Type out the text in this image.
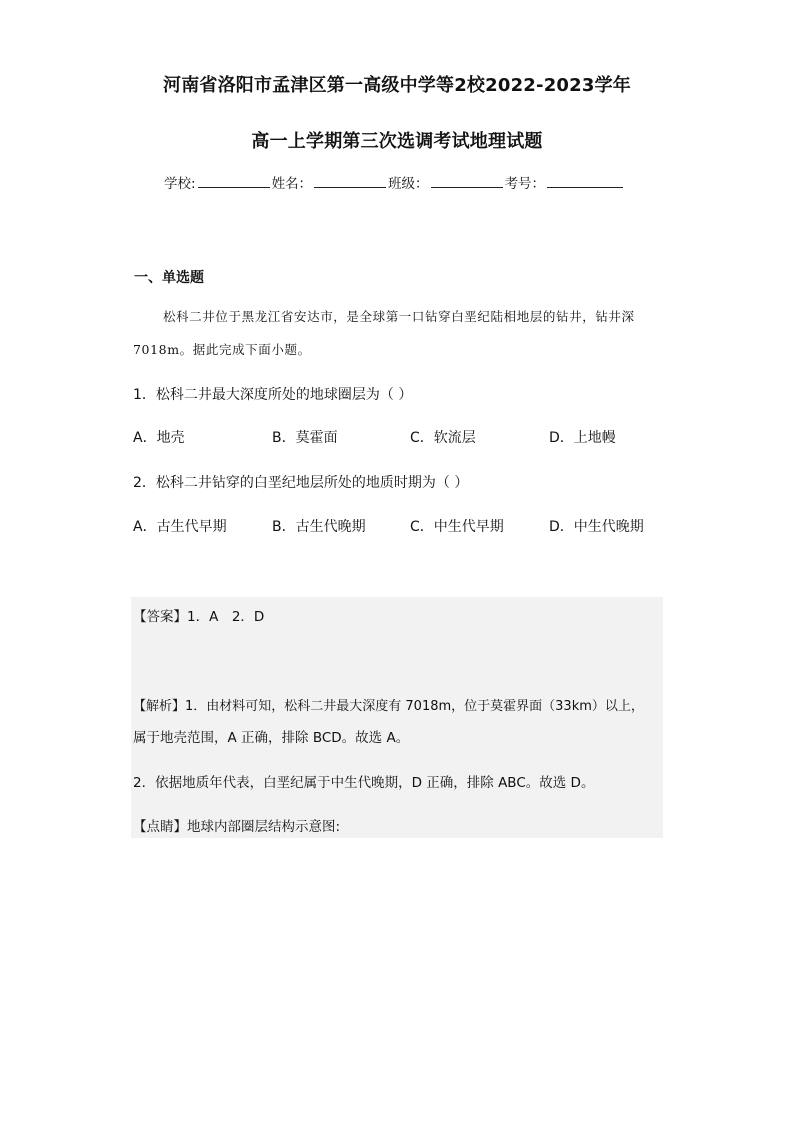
河南省洛阳市孟津区第一高级中学等2校2022-2023学年
高一上学期第三次选调考试地理试题
学校:	姓名：	班级：	考号：
一、单选题
松科二井位于黑龙江省安达市，是全球第一口钻穿白垩纪陆相地层的钻井，钻井深
7018m。据此完成下面小题。
1．松科二井最大深度所处的地球圈层为（ ）
A．地壳	B．莫霍面	C．软流层	D．上地幔
2．松科二井钻穿的白垩纪地层所处的地质时期为（ ）
A．古生代早期	B．古生代晚期	C．中生代早期	D．中生代晚期
【答案】1．A　2．D
【解析】1．由材料可知，松科二井最大深度有 7018m，位于莫霍界面（33km）以上，
属于地壳范围，A 正确，排除 BCD。故选 A。
2．依据地质年代表，白垩纪属于中生代晚期，D 正确，排除 ABC。故选 D。
【点睛】地球内部圈层结构示意图:
